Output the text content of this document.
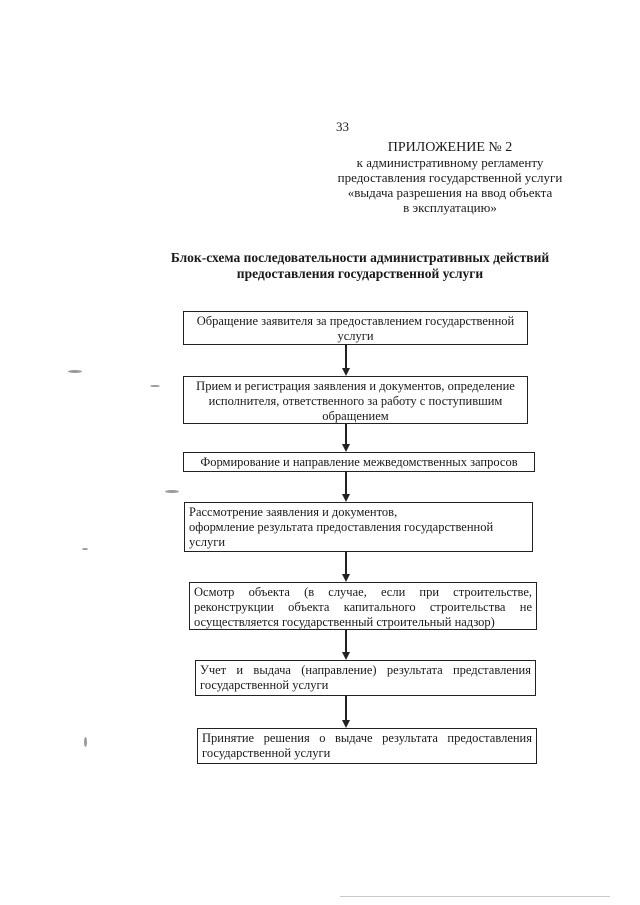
33
ПРИЛОЖЕНИЕ № 2
к административному регламенту
предоставления государственной услуги
«выдача разрешения на ввод объекта
в эксплуатацию»
Блок-схема последовательности административных действий
предоставления государственной услуги
Обращение заявителя за предоставлением государственной
услуги
Прием и регистрация заявления и документов, определение
исполнителя, ответственного за работу с поступившим
обращением
Формирование и направление межведомственных запросов
Рассмотрение заявления и документов,
оформление результата предоставления государственной
услуги
Осмотр объекта (в случае, если при строительстве, реконструкции объекта капитального строительства не осуществляется государственный строительный надзор)
Учет и выдача (направление) результата представления государственной услуги
Принятие решения о выдаче результата предоставления государственной услуги
